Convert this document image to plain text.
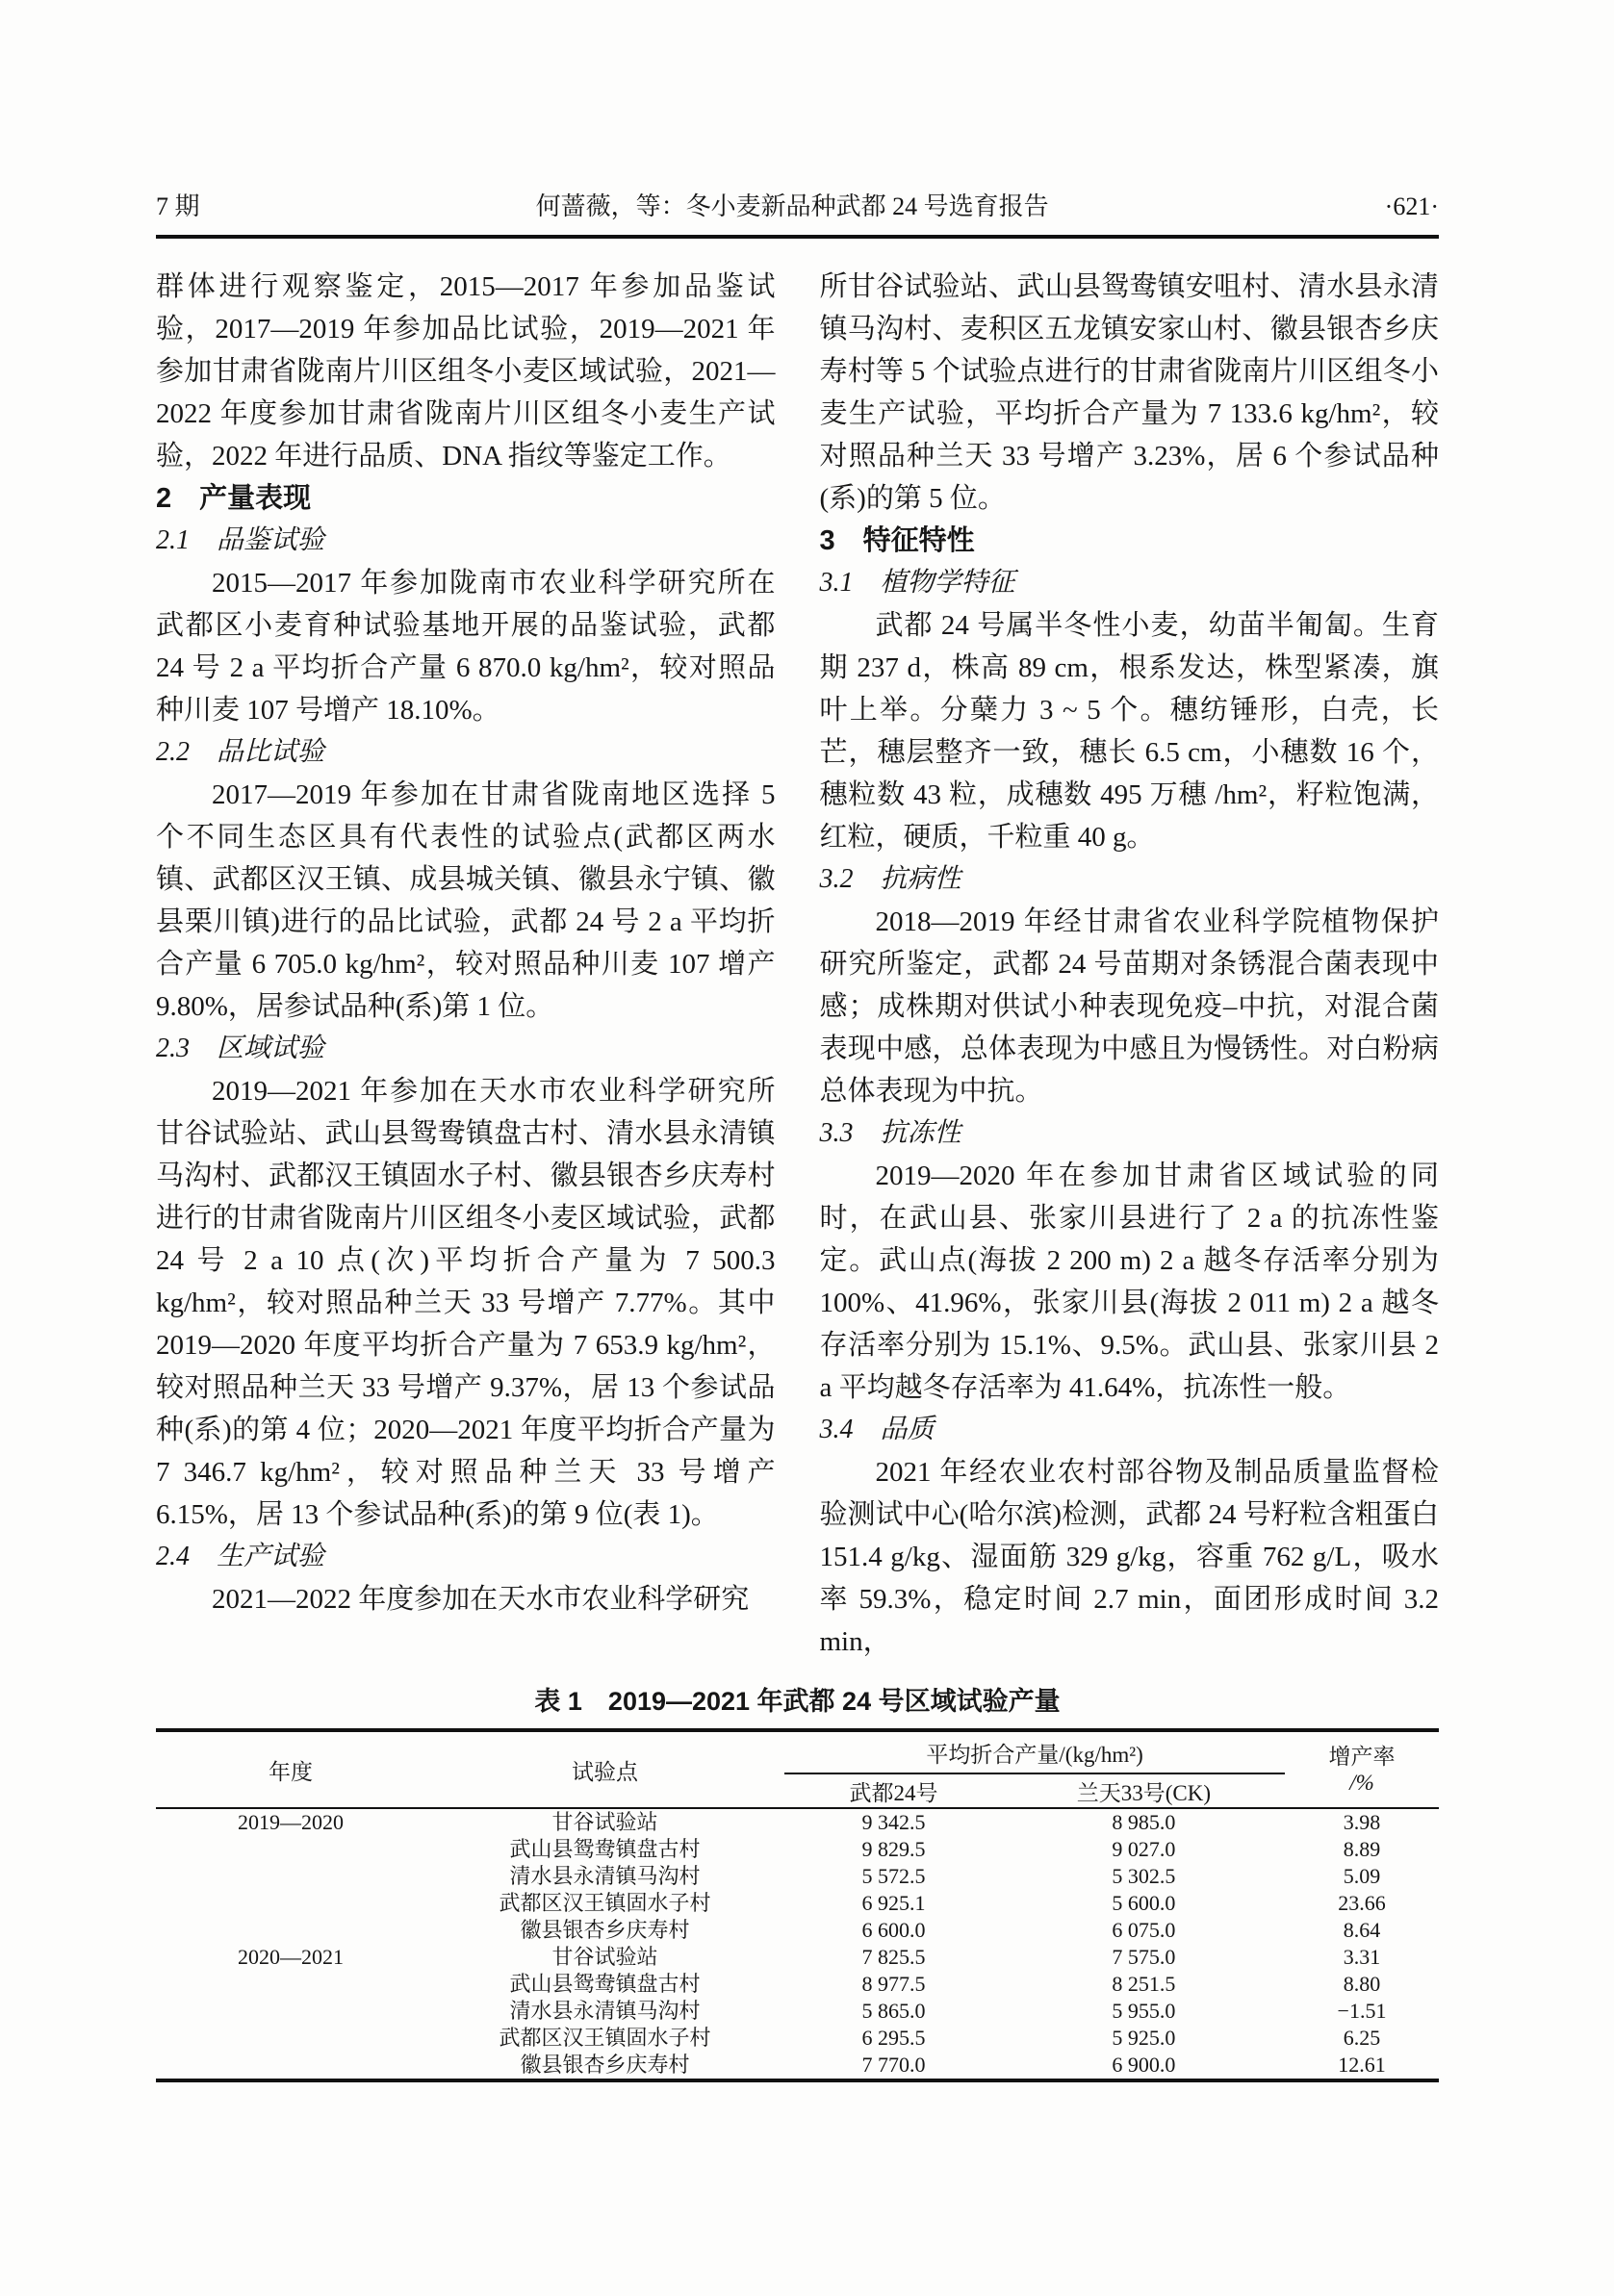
7 期	何蔷薇，等：冬小麦新品种武都 24 号选育报告	·621·

群体进行观察鉴定，2015—2017 年参加品鉴试验，2017—2019 年参加品比试验，2019—2021 年参加甘肃省陇南片川区组冬小麦区域试验，2021—2022 年度参加甘肃省陇南片川区组冬小麦生产试验，2022 年进行品质、DNA 指纹等鉴定工作。

2　产量表现
2.1　品鉴试验

2015—2017 年参加陇南市农业科学研究所在武都区小麦育种试验基地开展的品鉴试验，武都 24 号 2 a 平均折合产量 6 870.0 kg/hm²，较对照品种川麦 107 号增产 18.10%。

2.2　品比试验

2017—2019 年参加在甘肃省陇南地区选择 5 个不同生态区具有代表性的试验点(武都区两水镇、武都区汉王镇、成县城关镇、徽县永宁镇、徽县栗川镇)进行的品比试验，武都 24 号 2 a 平均折合产量 6 705.0 kg/hm²，较对照品种川麦 107 增产 9.80%，居参试品种(系)第 1 位。

2.3　区域试验

2019—2021 年参加在天水市农业科学研究所甘谷试验站、武山县鸳鸯镇盘古村、清水县永清镇马沟村、武都汉王镇固水子村、徽县银杏乡庆寿村进行的甘肃省陇南片川区组冬小麦区域试验，武都 24 号 2 a 10 点(次)平均折合产量为 7 500.3 kg/hm²，较对照品种兰天 33 号增产 7.77%。其中 2019—2020 年度平均折合产量为 7 653.9 kg/hm²，较对照品种兰天 33 号增产 9.37%，居 13 个参试品种(系)的第 4 位；2020—2021 年度平均折合产量为 7 346.7 kg/hm²，较对照品种兰天 33 号增产 6.15%，居 13 个参试品种(系)的第 9 位(表 1)。

2.4　生产试验

2021—2022 年度参加在天水市农业科学研究

所甘谷试验站、武山县鸳鸯镇安咀村、清水县永清镇马沟村、麦积区五龙镇安家山村、徽县银杏乡庆寿村等 5 个试验点进行的甘肃省陇南片川区组冬小麦生产试验，平均折合产量为 7 133.6 kg/hm²，较对照品种兰天 33 号增产 3.23%，居 6 个参试品种(系)的第 5 位。

3　特征特性
3.1　植物学特征

武都 24 号属半冬性小麦，幼苗半匍匐。生育期 237 d，株高 89 cm，根系发达，株型紧凑，旗叶上举。分蘖力 3 ~ 5 个。穗纺锤形，白壳，长芒，穗层整齐一致，穗长 6.5 cm，小穗数 16 个，穗粒数 43 粒，成穗数 495 万穗 /hm²，籽粒饱满，红粒，硬质，千粒重 40 g。

3.2　抗病性

2018—2019 年经甘肃省农业科学院植物保护研究所鉴定，武都 24 号苗期对条锈混合菌表现中感；成株期对供试小种表现免疫–中抗，对混合菌表现中感，总体表现为中感且为慢锈性。对白粉病总体表现为中抗。

3.3　抗冻性

2019—2020 年在参加甘肃省区域试验的同时，在武山县、张家川县进行了 2 a 的抗冻性鉴定。武山点(海拔 2 200 m) 2 a 越冬存活率分别为 100%、41.96%，张家川县(海拔 2 011 m) 2 a 越冬存活率分别为 15.1%、9.5%。武山县、张家川县 2 a 平均越冬存活率为 41.64%，抗冻性一般。

3.4　品质

2021 年经农业农村部谷物及制品质量监督检验测试中心(哈尔滨)检测，武都 24 号籽粒含粗蛋白 151.4 g/kg、湿面筋 329 g/kg，容重 762 g/L，吸水率 59.3%，稳定时间 2.7 min，面团形成时间 3.2 min，

表 1　2019—2021 年武都 24 号区域试验产量
年度	试验点	平均折合产量/(kg/hm²)		增产率
/%

		武都24号	兰天33号(CK)	
2019—2020	甘谷试验站	9 342.5	8 985.0	3.98
	武山县鸳鸯镇盘古村	9 829.5	9 027.0	8.89
	清水县永清镇马沟村	5 572.5	5 302.5	5.09
	武都区汉王镇固水子村	6 925.1	5 600.0	23.66
	徽县银杏乡庆寿村	6 600.0	6 075.0	8.64
2020—2021	甘谷试验站	7 825.5	7 575.0	3.31
	武山县鸳鸯镇盘古村	8 977.5	8 251.5	8.80
	清水县永清镇马沟村	5 865.0	5 955.0	−1.51
	武都区汉王镇固水子村	6 295.5	5 925.0	6.25
	徽县银杏乡庆寿村	7 770.0	6 900.0	12.61
